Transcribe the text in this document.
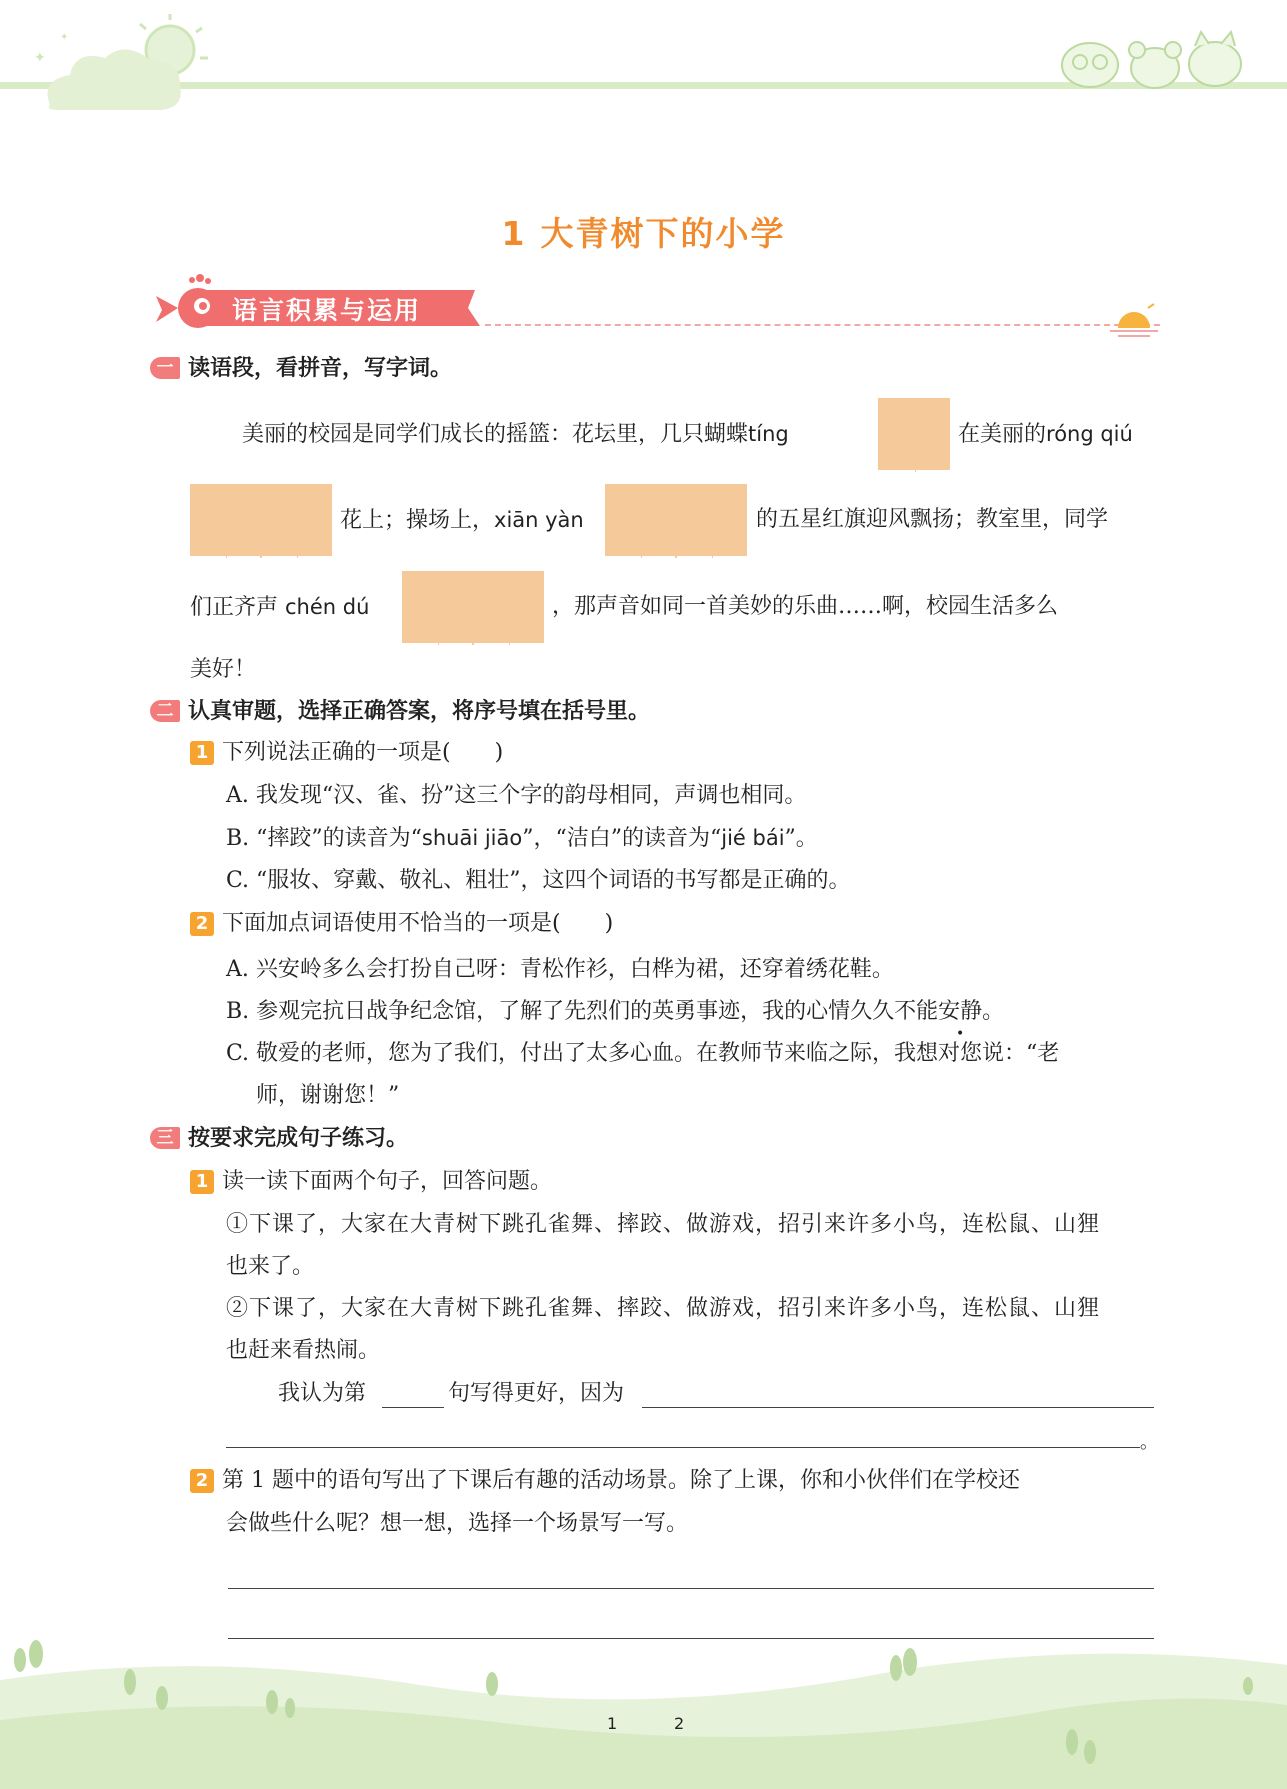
✦
✦
1 大青树下的小学
语言积累与运用
一 读语段，看拼音，写字词。
美丽的校园是同学们成长的摇篮：花坛里，几只蝴蝶tíng	在美丽的róng qiú
花上；操场上，xiān yàn	的五星红旗迎风飘扬；教室里，同学
们正齐声 chén dú	，那声音如同一首美妙的乐曲……啊，校园生活多么
美好！
二 认真审题，选择正确答案，将序号填在括号里。
1 下列说法正确的一项是(　　)
A. 我发现“汉、雀、扮”这三个字的韵母相同，声调也相同。
B. “摔跤”的读音为“shuāi jiāo”，“洁白”的读音为“jié bái”。
C. “服妆、穿戴、敬礼、粗壮”，这四个词语的书写都是正确的。
2 下面加点词语使用不恰当的一项是(　　)
A. 兴安岭多么会打扮自己呀：青松作衫，白桦为裙，还穿着绣花鞋。
B. 参观完抗日战争纪念馆，了解了先烈们的英勇事迹，我的心情久久不能安静。
C. 敬爱的老师，您为了我们，付出了太多心血。在教师节来临之际，我想对您说：“老
师，谢谢您！”
三 按要求完成句子练习。
1 读一读下面两个句子，回答问题。
①下课了，大家在大青树下跳孔雀舞、摔跤、做游戏，招引来许多小鸟，连松鼠、山狸
也来了。
②下课了，大家在大青树下跳孔雀舞、摔跤、做游戏，招引来许多小鸟，连松鼠、山狸
也赶来看热闹。
我认为第	句写得更好，因为
。
2 第 1 题中的语句写出了下课后有趣的活动场景。除了上课，你和小伙伴们在学校还
会做些什么呢？想一想，选择一个场景写一写。
1	2
